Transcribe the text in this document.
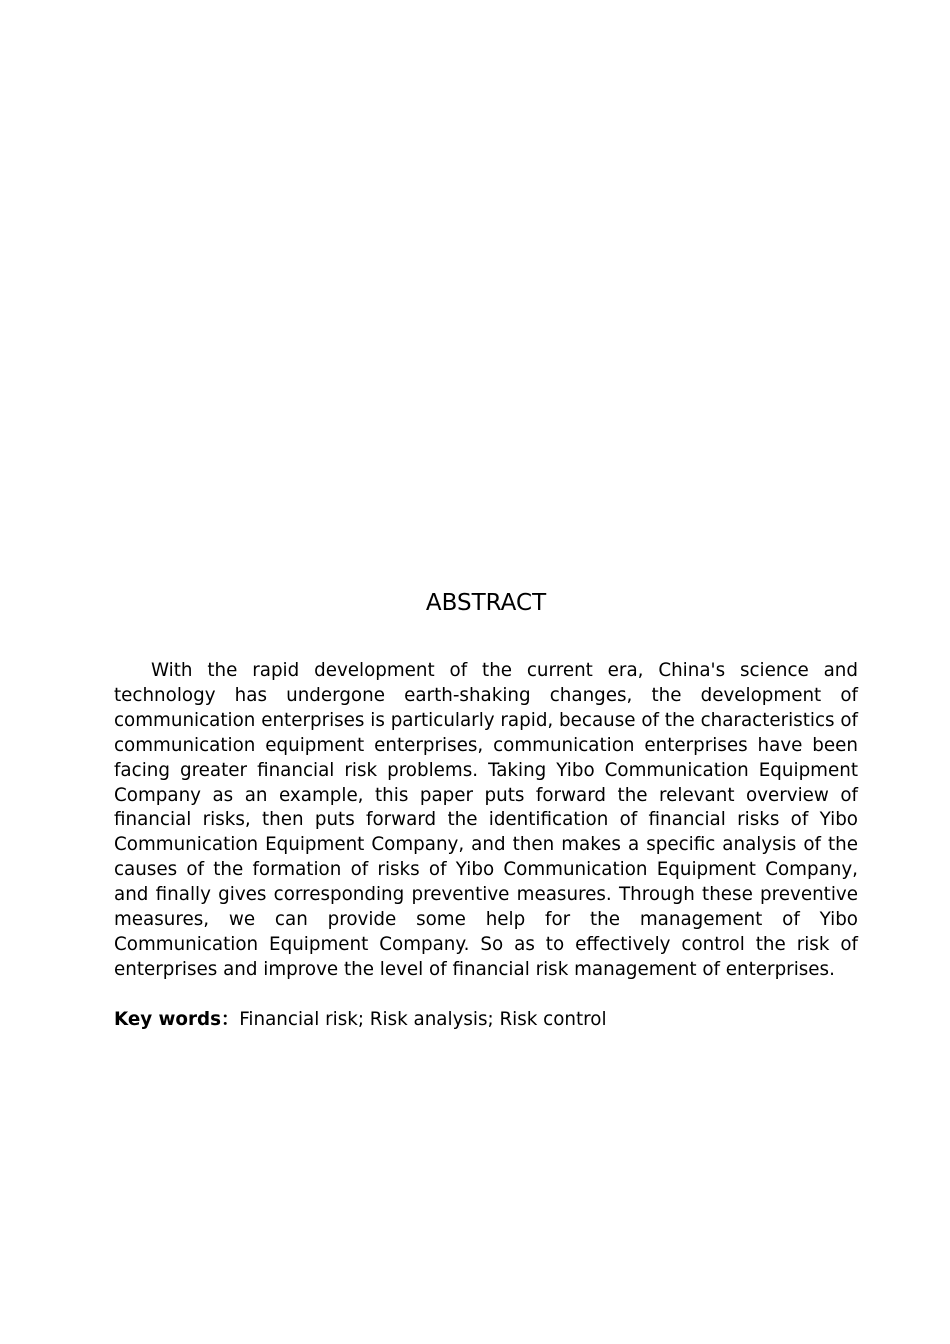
ABSTRACT

With the rapid development of the current era, China's science and technology has undergone earth-shaking changes, the development of communication enterprises is particularly rapid, because of the characteristics of communication equipment enterprises, communication enterprises have been facing greater financial risk problems. Taking Yibo Communication Equipment Company as an example, this paper puts forward the relevant overview of financial risks, then puts forward the identification of financial risks of Yibo Communication Equipment Company, and then makes a specific analysis of the causes of the formation of risks of Yibo Communication Equipment Company, and finally gives corresponding preventive measures. Through these preventive measures, we can provide some help for the management of Yibo Communication Equipment Company. So as to effectively control the risk of enterprises and improve the level of financial risk management of enterprises.

Key words：Financial risk; Risk analysis; Risk control
